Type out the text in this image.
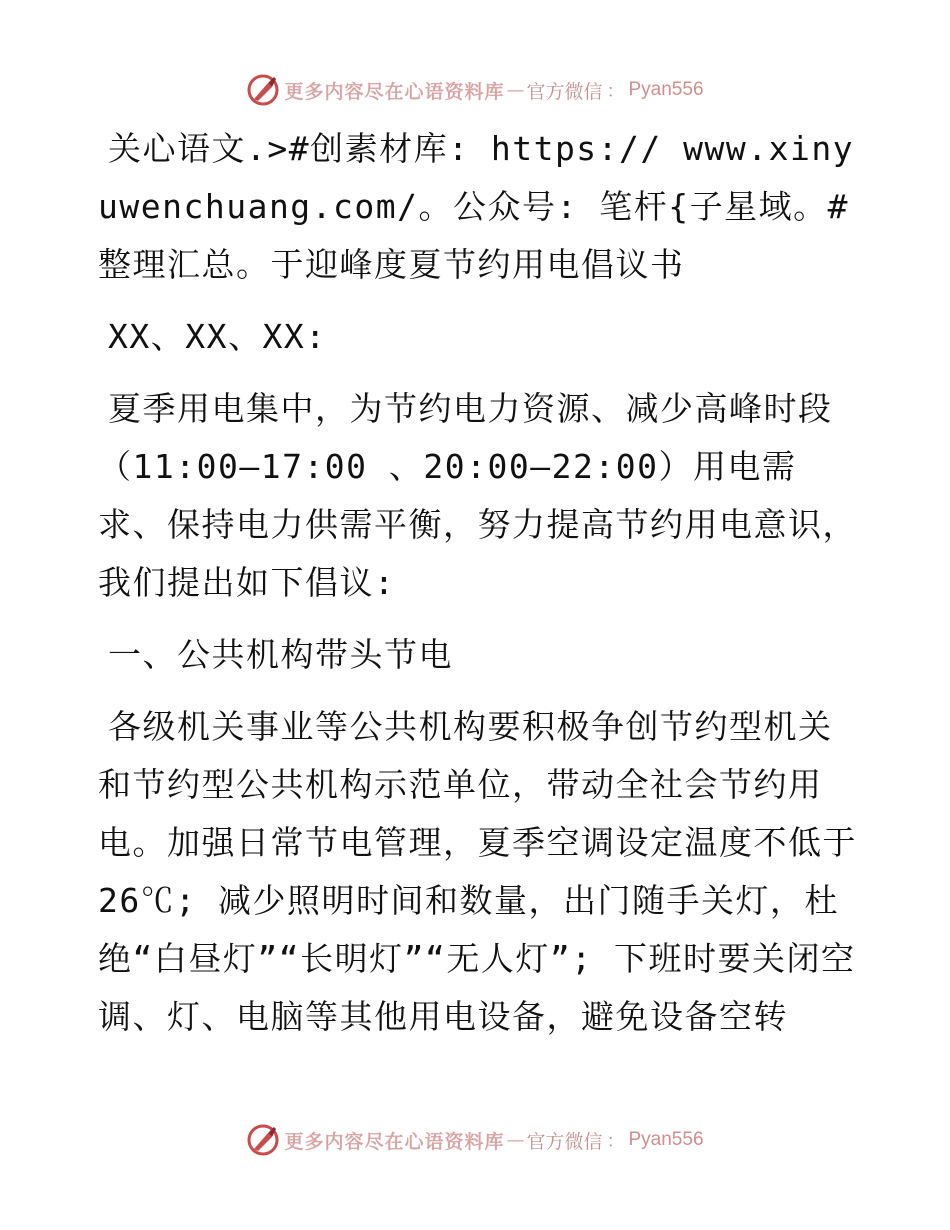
更多内容尽在心语资料库 — 官方微信 ： Pyan556

关心语文.>#创素材库: https:// www.xinyuwenchuang.com/。公众号: 笔杆{子星域。#整理汇总。于迎峰度夏节约用电倡议书

XX、XX、XX:

夏季用电集中，为节约电力资源、减少高峰时段（11:00—17:00 、20:00—22:00）用电需求、保持电力供需平衡，努力提高节约用电意识，我们提出如下倡议:

一、公共机构带头节电

各级机关事业等公共机构要积极争创节约型机关和节约型公共机构示范单位，带动全社会节约用电。加强日常节电管理，夏季空调设定温度不低于26℃; 减少照明时间和数量，出门随手关灯，杜绝“白昼灯”“长明灯”“无人灯”; 下班时要关闭空调、灯、电脑等其他用电设备，避免设备空转

更多内容尽在心语资料库 — 官方微信 ： Pyan556
